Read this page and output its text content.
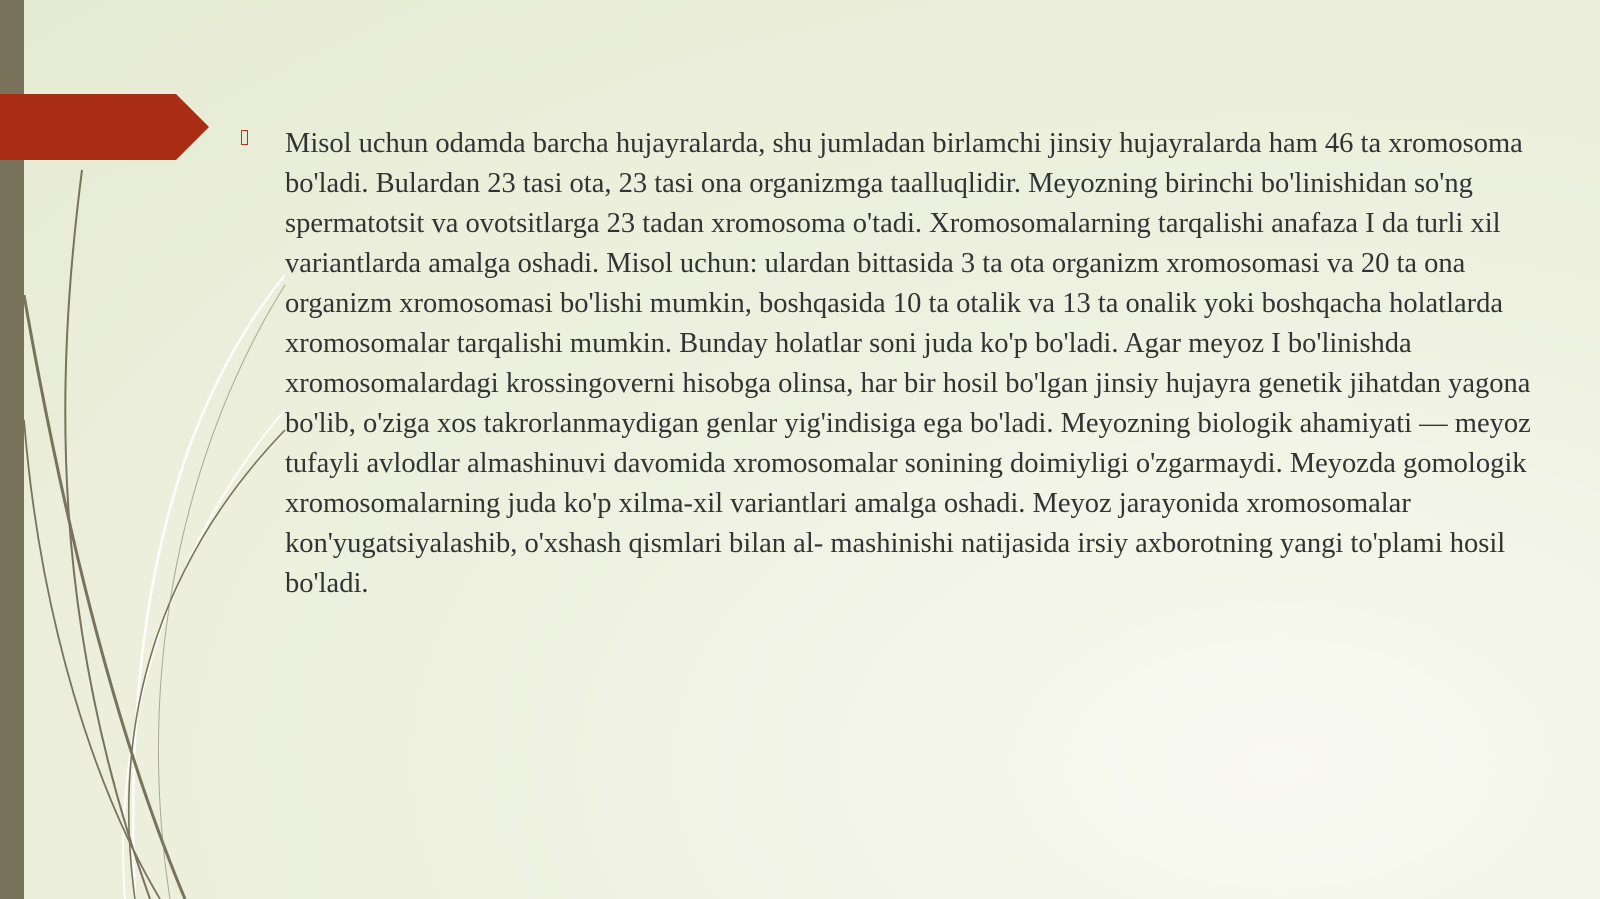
Misol uchun odamda barcha hujayralarda, shu jumladan birlamchi jinsiy hujayralarda ham 46 ta xromosoma bo'ladi. Bulardan 23 tasi ota, 23 tasi ona organizmga taalluqlidir. Meyozning birinchi bo'linishidan so'ng spermatotsit va ovotsitlarga 23 tadan xromosoma o'tadi. Xromosomalarning tarqalishi anafaza I da turli xil variantlarda amalga oshadi. Misol uchun: ulardan bittasida 3 ta ota organizm xromosomasi va 20 ta ona organizm xromosomasi bo'lishi mumkin, boshqasida 10 ta otalik va 13 ta onalik yoki boshqacha holatlarda xromosomalar tarqalishi mumkin. Bunday holatlar soni juda ko'p bo'ladi. Agar meyoz I bo'linishda xromosomalardagi krossingoverni hisobga olinsa, har bir hosil bo'lgan jinsiy hujayra genetik jihatdan yagona bo'lib, o'ziga xos takrorlanmaydigan genlar yig'indisiga ega bo'ladi. Meyozning biologik ahamiyati — meyoz tufayli avlodlar almashinuvi davomida xromosomalar sonining doimiyligi o'zgarmaydi. Meyozda gomologik xromosomalarning juda ko'p xilma-xil variantlari amalga oshadi. Meyoz jarayonida xromosomalar kon'yugatsiyalashib, o'xshash qismlari bilan al- mashinishi natijasida irsiy axborotning yangi to'plami hosil bo'ladi.
